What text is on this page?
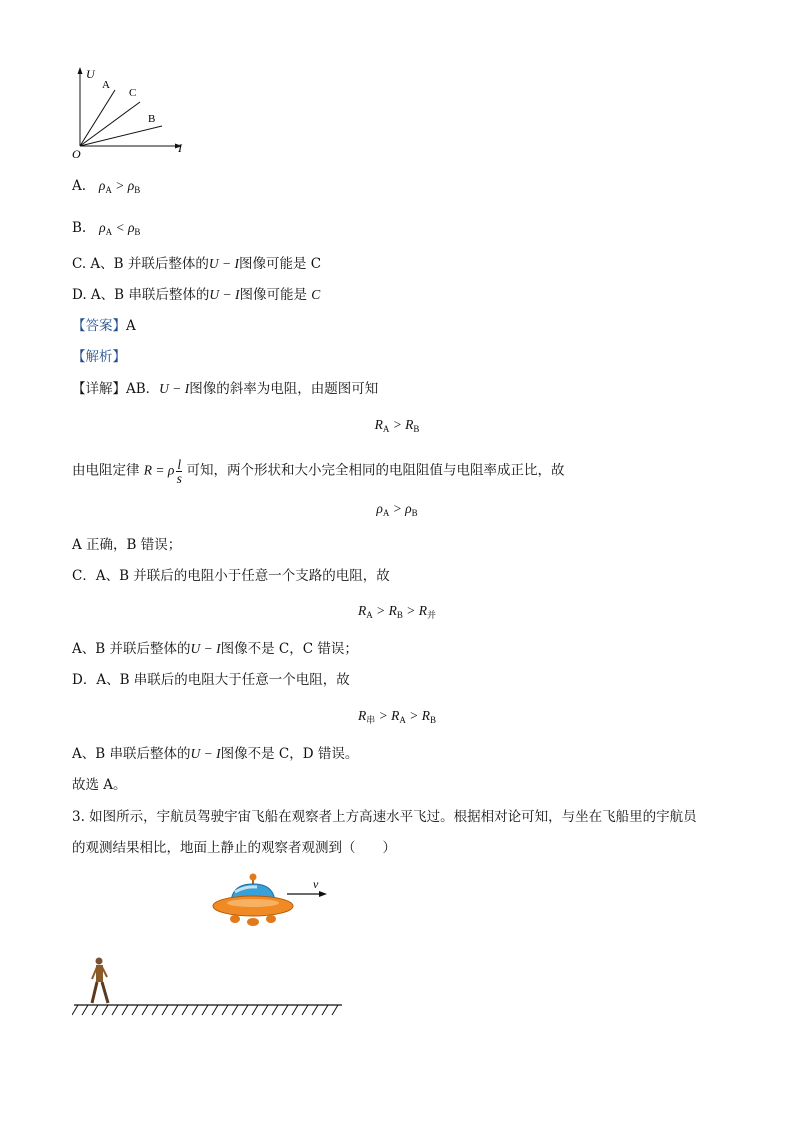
U
I
O
A
C
B
A. $\rho_A > \rho_B$
B. $\rho_A < \rho_B$
C. A、B 并联后整体的U − I图像可能是 C
D. A、B 串联后整体的U − I图像可能是 C
【答案】A
【解析】
【详解】AB．U − I图像的斜率为电阻，由题图可知
$R_A > R_B$
由电阻定律 R = ρ $\frac{l}{s}$ 可知，两个形状和大小完全相同的电阻阻值与电阻率成正比，故
$\rho_A > \rho_B$
A 正确，B 错误；
C．A、B 并联后的电阻小于任意一个支路的电阻，故
$R_A > R_B > R_并$
A、B 并联后整体的U − I图像不是 C，C 错误；
D．A、B 串联后的电阻大于任意一个电阻，故
$R_串 > R_A > R_B$
A、B 串联后整体的U − I图像不是 C，D 错误。
故选 A。
3. 如图所示，宇航员驾驶宇宙飞船在观察者上方高速水平飞过。根据相对论可知，与坐在飞船里的宇航员
的观测结果相比，地面上静止的观察者观测到（　　）
v
